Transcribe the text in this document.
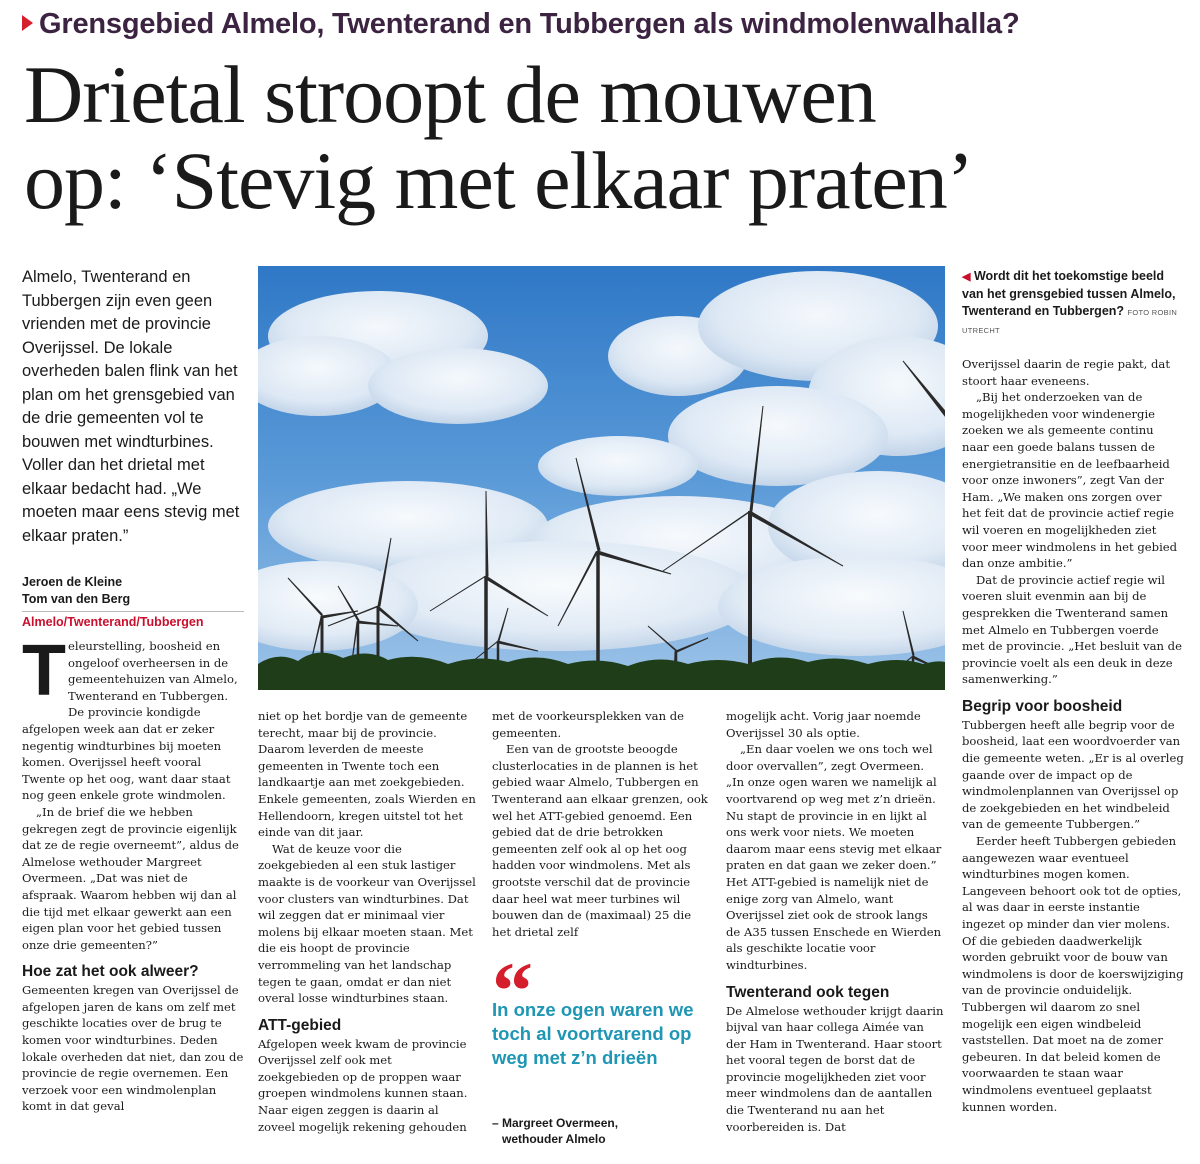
Grensgebied Almelo, Twenterand en Tubbergen als windmolenwalhalla?
Drietal stroopt de mouwen
op: ‘Stevig met elkaar praten’
Almelo, Twenterand en Tubbergen zijn even geen vrienden met de provincie Overijssel. De lokale overheden balen flink van het plan om het grensgebied van de drie gemeenten vol te bouwen met windturbines. Voller dan het drietal met elkaar bedacht had. „We moeten maar eens stevig met elkaar praten.”
Jeroen de Kleine
Tom van den Berg
Almelo/Twenterand/Tubbergen
◀ Wordt dit het toekomstige beeld van het grensgebied tussen Almelo, Twenterand en Tubbergen? FOTO ROBIN UTRECHT
T eleurstelling, boosheid en ongeloof overheersen in de gemeentehuizen van Almelo, Twenterand en Tubbergen. De provincie kondigde afgelopen week aan dat er zeker negentig windturbines bij moeten komen. Overijssel heeft vooral Twente op het oog, want daar staat nog geen enkele grote windmolen.

„In de brief die we hebben gekregen zegt de provincie eigenlijk dat ze de regie overneemt”, aldus de Almelose wethouder Margreet Overmeen. „Dat was niet de afspraak. Waarom hebben wij dan al die tijd met elkaar gewerkt aan een eigen plan voor het gebied tussen onze drie gemeenten?”

Hoe zat het ook alweer?

Gemeenten kregen van Overijssel de afgelopen jaren de kans om zelf met geschikte locaties over de brug te komen voor windturbines. Deden lokale overheden dat niet, dan zou de provincie de regie overnemen. Een verzoek voor een windmolenplan komt in dat geval

niet op het bordje van de gemeente terecht, maar bij de provincie. Daarom leverden de meeste gemeenten in Twente toch een landkaartje aan met zoekgebieden. Enkele gemeenten, zoals Wierden en Hellendoorn, kregen uitstel tot het einde van dit jaar.

Wat de keuze voor die zoekgebieden al een stuk lastiger maakte is de voorkeur van Overijssel voor clusters van windturbines. Dat wil zeggen dat er minimaal vier molens bij elkaar moeten staan. Met die eis hoopt de provincie verrommeling van het landschap tegen te gaan, omdat er dan niet overal losse windturbines staan.

ATT-gebied

Afgelopen week kwam de provincie Overijssel zelf ook met zoekgebieden op de proppen waar groepen windmolens kunnen staan. Naar eigen zeggen is daarin al zoveel mogelijk rekening gehouden

met de voorkeursplekken van de gemeenten.

Een van de grootste beoogde clusterlocaties in de plannen is het gebied waar Almelo, Tubbergen en Twenterand aan elkaar grenzen, ook wel het ATT-gebied genoemd. Een gebied dat de drie betrokken gemeenten zelf ook al op het oog hadden voor windmolens. Met als grootste verschil dat de provincie daar heel wat meer turbines wil bouwen dan de (maximaal) 25 die het drietal zelf

“
In onze ogen waren we toch al voortvarend op weg met z’n drieën
– Margreet Overmeen,
wethouder Almelo

mogelijk acht. Vorig jaar noemde Overijssel 30 als optie.

„En daar voelen we ons toch wel door overvallen”, zegt Overmeen. „In onze ogen waren we namelijk al voortvarend op weg met z’n drieën. Nu stapt de provincie in en lijkt al ons werk voor niets. We moeten daarom maar eens stevig met elkaar praten en dat gaan we zeker doen.” Het ATT-gebied is namelijk niet de enige zorg van Almelo, want Overijssel ziet ook de strook langs de A35 tussen Enschede en Wierden als geschikte locatie voor windturbines.

Twenterand ook tegen

De Almelose wethouder krijgt daarin bijval van haar collega Aimée van der Ham in Twenterand. Haar stoort het vooral tegen de borst dat de provincie mogelijkheden ziet voor meer windmolens dan de aantallen die Twenterand nu aan het voorbereiden is. Dat

Overijssel daarin de regie pakt, dat stoort haar eveneens.

„Bij het onderzoeken van de mogelijkheden voor windenergie zoeken we als gemeente continu naar een goede balans tussen de energietransitie en de leefbaarheid voor onze inwoners”, zegt Van der Ham. „We maken ons zorgen over het feit dat de provincie actief regie wil voeren en mogelijkheden ziet voor meer windmolens in het gebied dan onze ambitie.”

Dat de provincie actief regie wil voeren sluit evenmin aan bij de gesprekken die Twenterand samen met Almelo en Tubbergen voerde met de provincie. „Het besluit van de provincie voelt als een deuk in deze samenwerking.”

Begrip voor boosheid

Tubbergen heeft alle begrip voor de boosheid, laat een woordvoerder van die gemeente weten. „Er is al overleg gaande over de impact op de windmolenplannen van Overijssel op de zoekgebieden en het windbeleid van de gemeente Tubbergen.”

Eerder heeft Tubbergen gebieden aangewezen waar eventueel windturbines mogen komen. Langeveen behoort ook tot de opties, al was daar in eerste instantie ingezet op minder dan vier molens. Of die gebieden daadwerkelijk worden gebruikt voor de bouw van windmolens is door de koerswijziging van de provincie onduidelijk. Tubbergen wil daarom zo snel mogelijk een eigen windbeleid vaststellen. Dat moet na de zomer gebeuren. In dat beleid komen de voorwaarden te staan waar windmolens eventueel geplaatst kunnen worden.
